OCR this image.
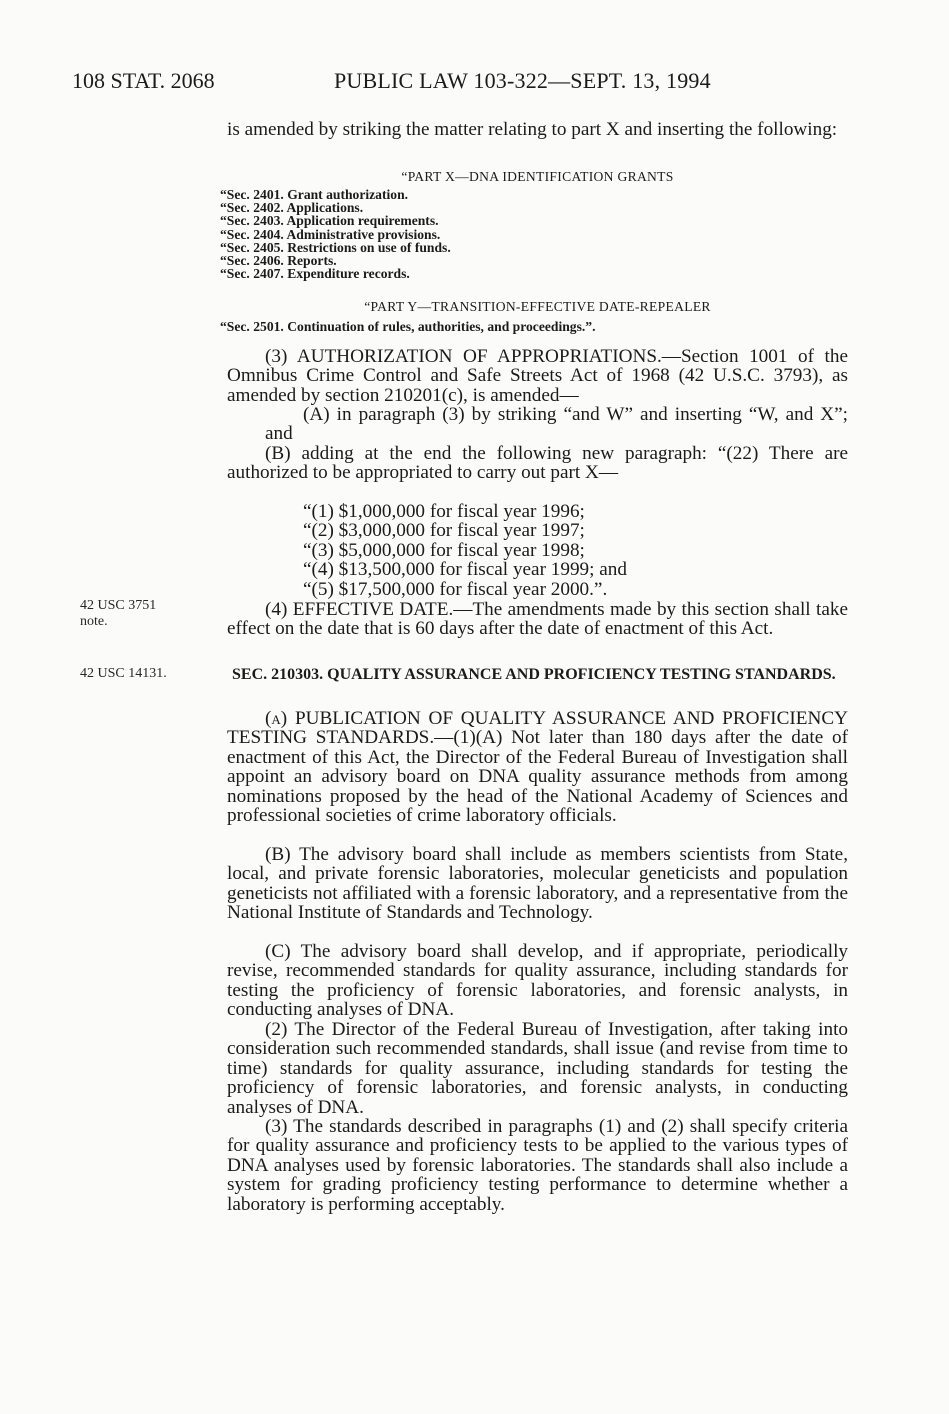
108 STAT. 2068	PUBLIC LAW 103-322—SEPT. 13, 1994

is amended by striking the matter relating to part X and inserting the following:

“PART X—DNA IDENTIFICATION GRANTS
“Sec. 2401. Grant authorization.
“Sec. 2402. Applications.
“Sec. 2403. Application requirements.
“Sec. 2404. Administrative provisions.
“Sec. 2405. Restrictions on use of funds.
“Sec. 2406. Reports.
“Sec. 2407. Expenditure records.
“PART Y—TRANSITION-EFFECTIVE DATE-REPEALER
“Sec. 2501. Continuation of rules, authorities, and proceedings.”.

(3) AUTHORIZATION OF APPROPRIATIONS.—Section 1001 of the Omnibus Crime Control and Safe Streets Act of 1968 (42 U.S.C. 3793), as amended by section 210201(c), is amended—

(A) in paragraph (3) by striking “and W” and inserting “W, and X”; and

(B) adding at the end the following new paragraph: “(22) There are authorized to be appropriated to carry out part X—

“(1) $1,000,000 for fiscal year 1996;
“(2) $3,000,000 for fiscal year 1997;
“(3) $5,000,000 for fiscal year 1998;
“(4) $13,500,000 for fiscal year 1999; and
“(5) $17,500,000 for fiscal year 2000.”.
42 USC 3751
note.

(4) EFFECTIVE DATE.—The amendments made by this section shall take effect on the date that is 60 days after the date of enactment of this Act.

42 USC 14131.	SEC. 210303. QUALITY ASSURANCE AND PROFICIENCY TESTING STANDARDS.

(a) PUBLICATION OF QUALITY ASSURANCE AND PROFICIENCY TESTING STANDARDS.—(1)(A) Not later than 180 days after the date of enactment of this Act, the Director of the Federal Bureau of Investigation shall appoint an advisory board on DNA quality assurance methods from among nominations proposed by the head of the National Academy of Sciences and professional societies of crime laboratory officials.

(B) The advisory board shall include as members scientists from State, local, and private forensic laboratories, molecular geneticists and population geneticists not affiliated with a forensic laboratory, and a representative from the National Institute of Standards and Technology.

(C) The advisory board shall develop, and if appropriate, periodically revise, recommended standards for quality assurance, including standards for testing the proficiency of forensic laboratories, and forensic analysts, in conducting analyses of DNA.

(2) The Director of the Federal Bureau of Investigation, after taking into consideration such recommended standards, shall issue (and revise from time to time) standards for quality assurance, including standards for testing the proficiency of forensic laboratories, and forensic analysts, in conducting analyses of DNA.

(3) The standards described in paragraphs (1) and (2) shall specify criteria for quality assurance and proficiency tests to be applied to the various types of DNA analyses used by forensic laboratories. The standards shall also include a system for grading proficiency testing performance to determine whether a laboratory is performing acceptably.
